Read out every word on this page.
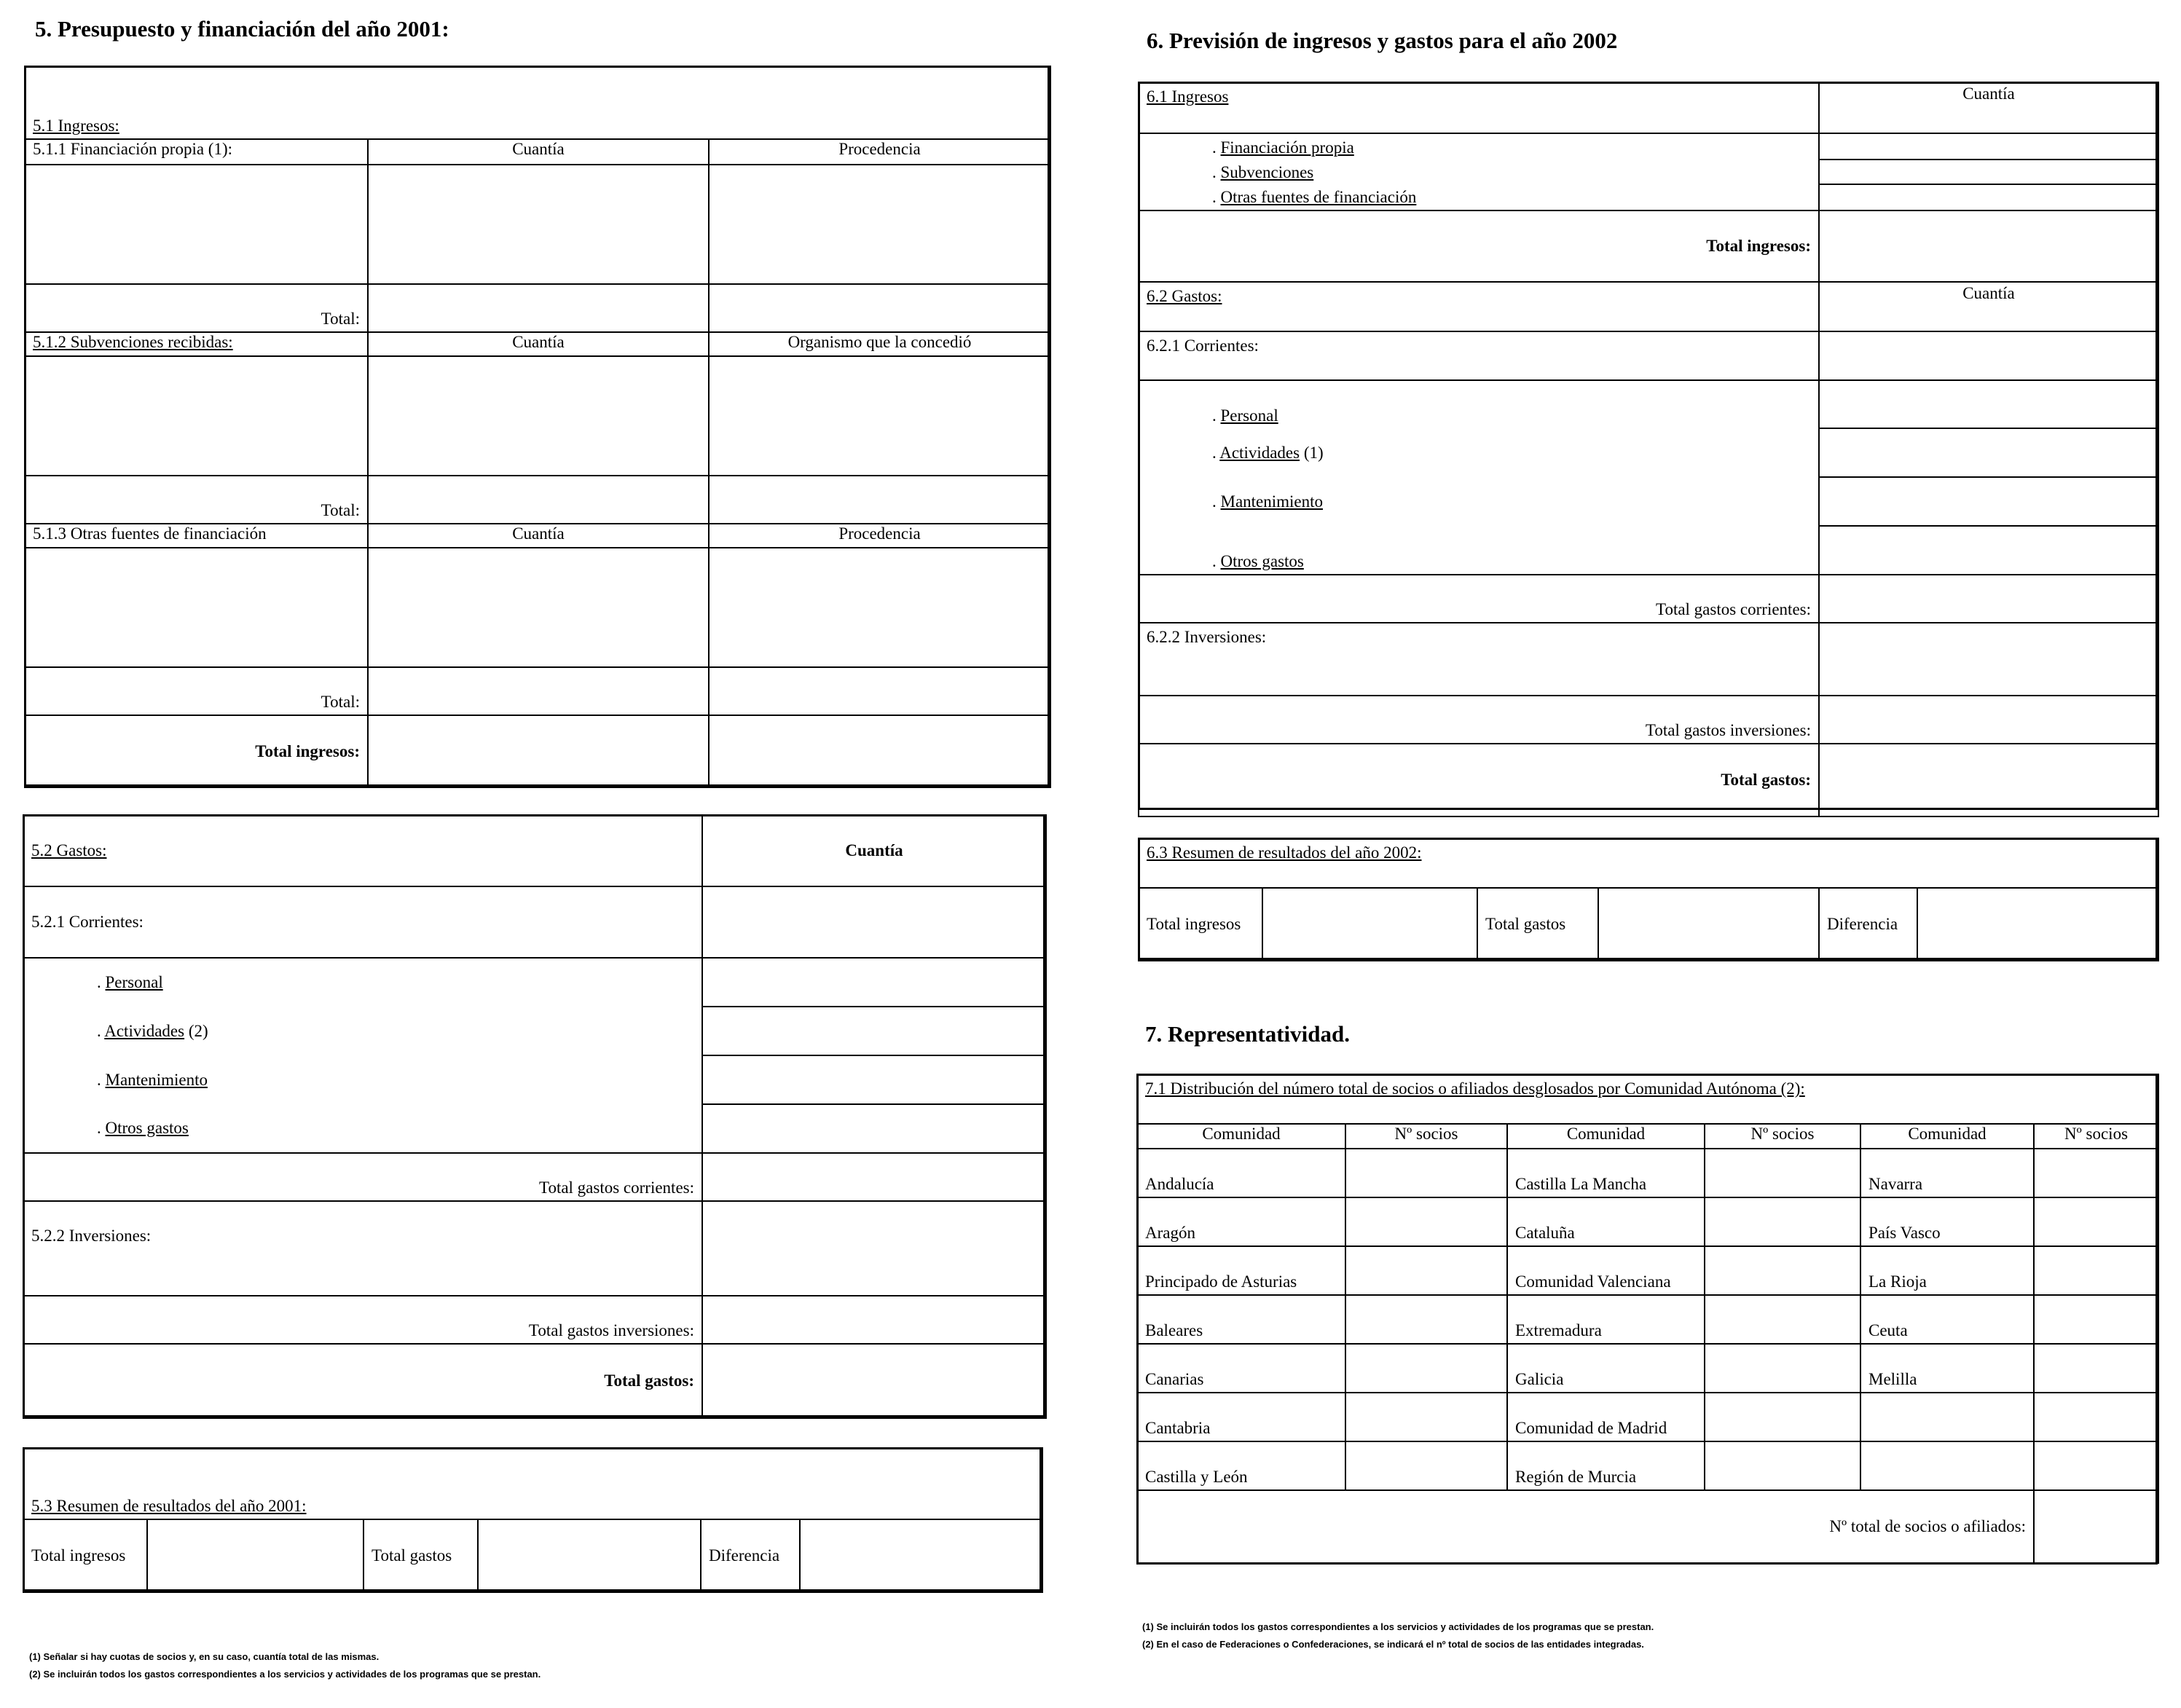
5. Presupuesto y financiación del año 2001:
5.1 Ingresos:		
5.1.1 Financiación propia (1):	Cuantía	Procedencia

Total:		
5.1.2 Subvenciones recibidas:	Cuantía	Organismo que la concedió

Total:		
5.1.3 Otras fuentes de financiación	Cuantía	Procedencia

Total:		
Total ingresos:		
5.2 Gastos:	Cuantía
5.2.1 Corrientes:	
. Personal	
. Actividades (2)	
. Mantenimiento	
. Otros gastos	
Total gastos corrientes:	
5.2.2 Inversiones:	
Total gastos inversiones:	
Total gastos:	
5.3 Resumen de resultados del año 2001:
Total ingresos		Total gastos		Diferencia	
(1) Señalar si hay cuotas de socios y, en su caso, cuantía total de las mismas.
(2) Se incluirán todos los gastos correspondientes a los servicios y actividades de los programas que se prestan.
6. Previsión de ingresos y gastos para el año 2002
6.1 Ingresos	Cuantía

. Financiación propia
. Subvenciones
. Otras fuentes de financiación	

Total ingresos:	
6.2 Gastos:	Cuantía
6.2.1 Corrientes:	
. Personal	
. Actividades (1)	
. Mantenimiento	
. Otros gastos	
Total gastos corrientes:	
6.2.2 Inversiones:	
Total gastos inversiones:	
Total gastos:	
6.3 Resumen de resultados del año 2002:
Total ingresos		Total gastos		Diferencia	
7. Representatividad.
7.1 Distribución del número total de socios o afiliados desglosados por Comunidad Autónoma (2):					
Comunidad	Nº socios	Comunidad	Nº socios	Comunidad	Nº socios
Andalucía		Castilla La Mancha		Navarra	
Aragón		Cataluña		País Vasco	
Principado de Asturias		Comunidad Valenciana		La Rioja	
Baleares		Extremadura		Ceuta	
Canarias		Galicia		Melilla	
Cantabria		Comunidad de Madrid			
Castilla y León		Región de Murcia			
Nº total de socios o afiliados:					
(1) Se incluirán todos los gastos correspondientes a los servicios y actividades de los programas que se prestan.
(2) En el caso de Federaciones o Confederaciones, se indicará el nº total de socios de las entidades integradas.
